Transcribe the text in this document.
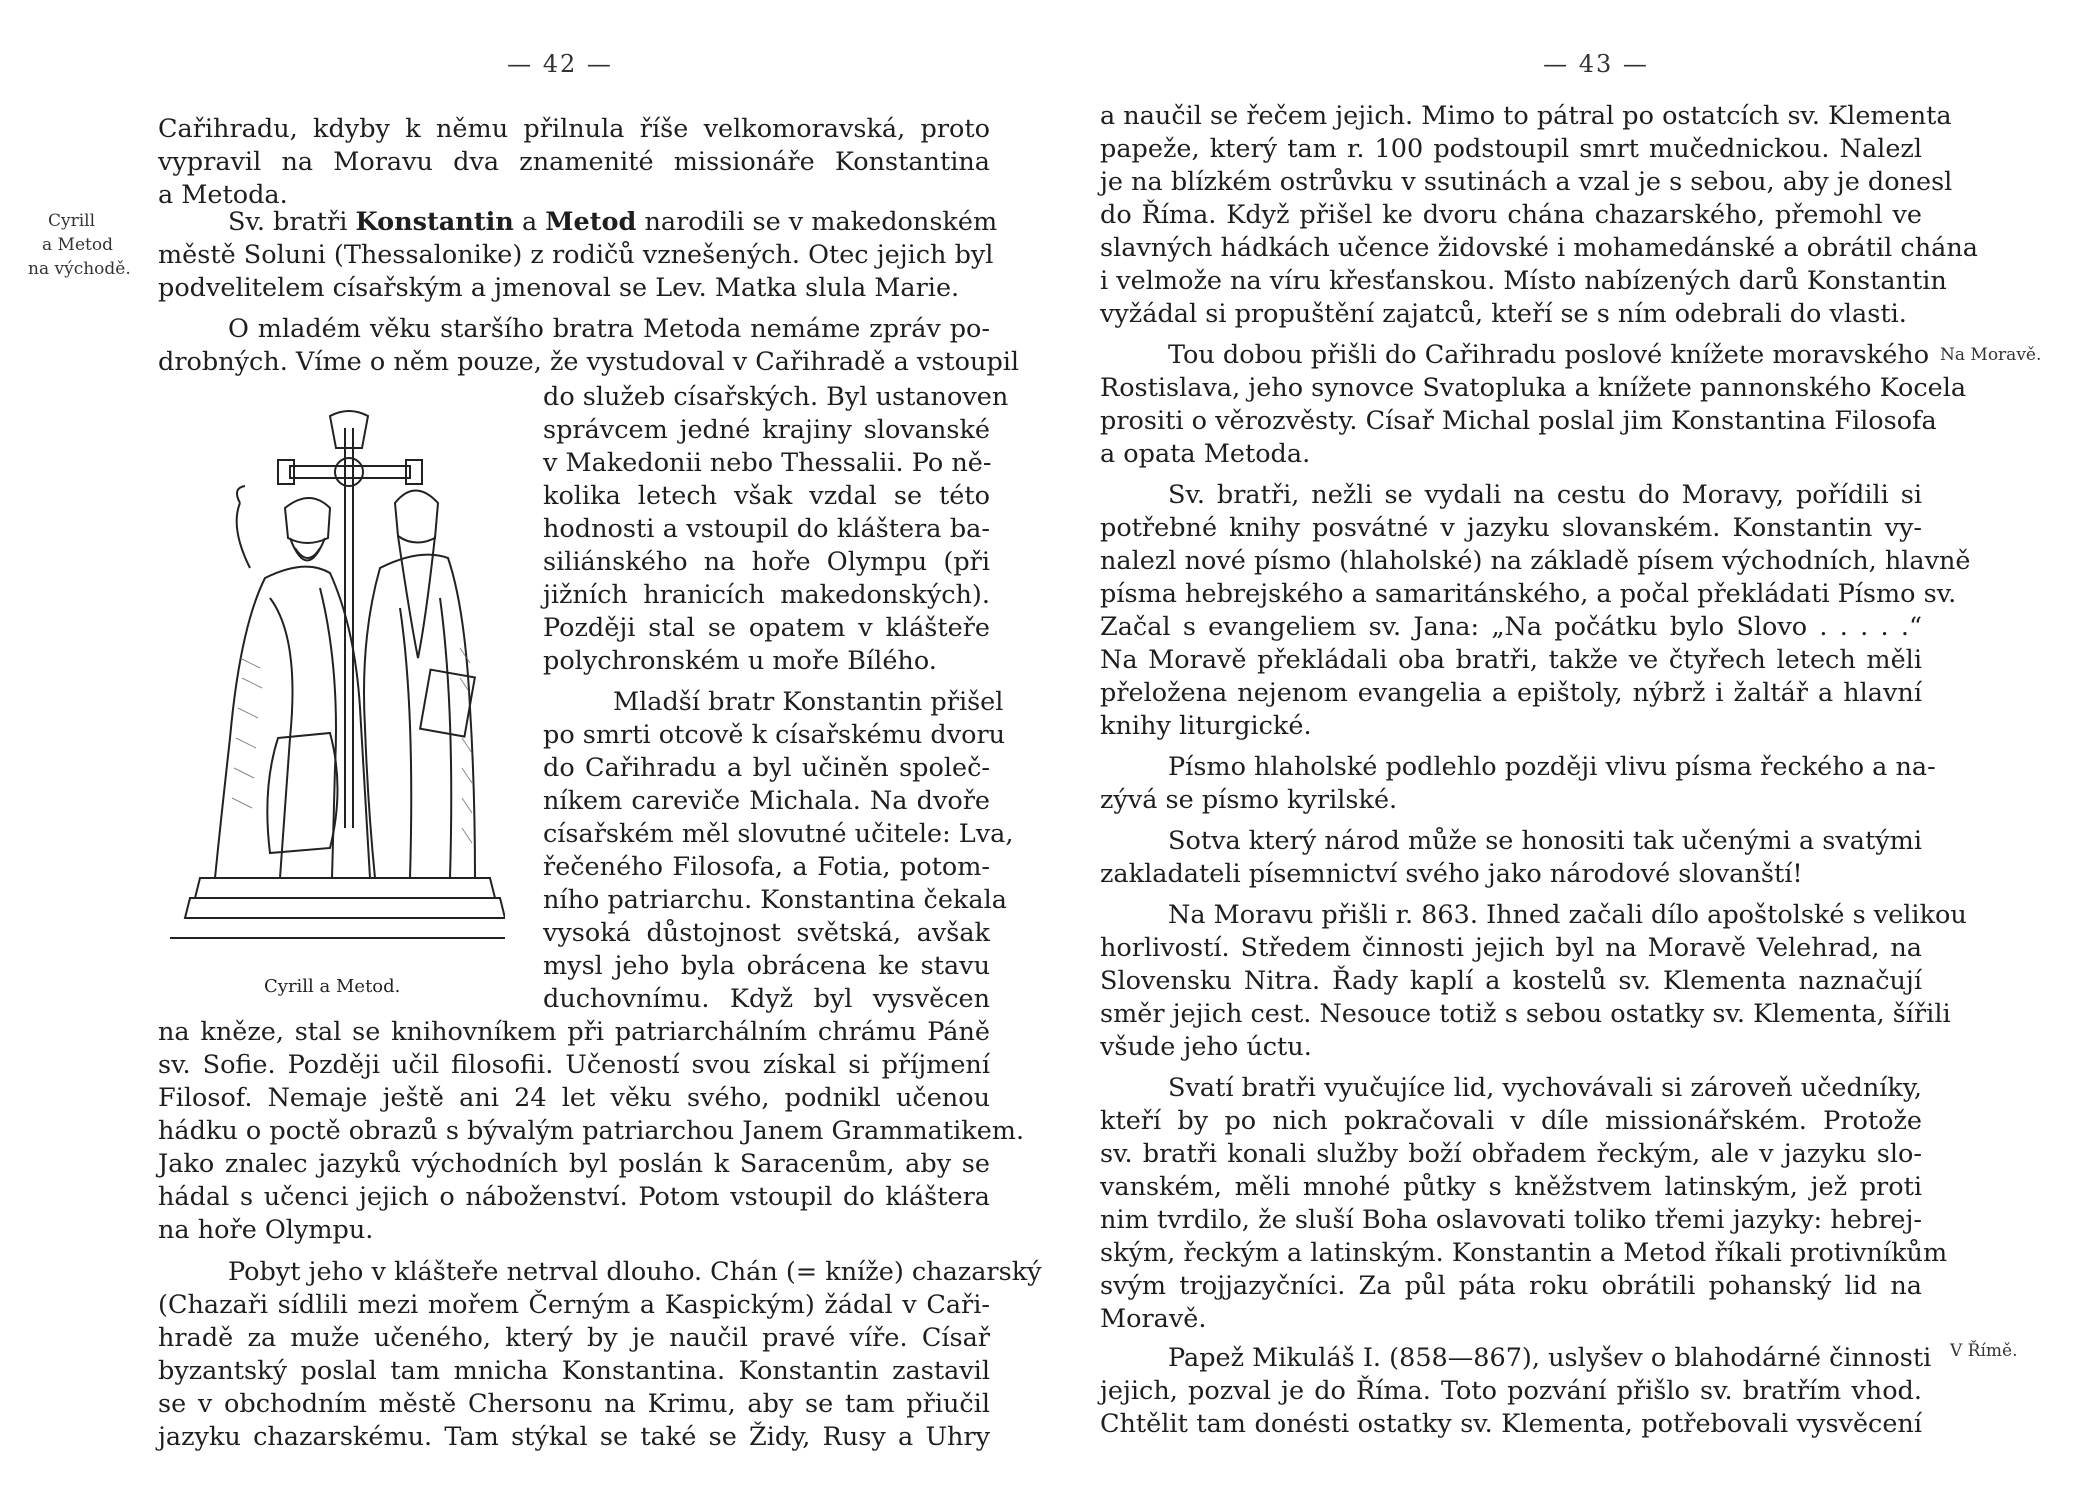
— 42 —
Cyrill
a Metod
na východě.
Cařihradu, kdyby k němu přilnula říše velkomoravská, proto
vypravil na Moravu dva znamenité missionáře Konstantina
a Metoda.
Sv. bratři Konstantin a Metod narodili se v makedonském
městě Soluni (Thessalonike) z rodičů vznešených. Otec jejich byl
podvelitelem císařským a jmenoval se Lev. Matka slula Marie.
O mladém věku staršího bratra Metoda nemáme zpráv po-
drobných. Víme o něm pouze, že vystudoval v Cařihradě a vstoupil
do služeb císařských. Byl ustanoven
správcem jedné krajiny slovanské
v Makedonii nebo Thessalii. Po ně-
kolika letech však vzdal se této
hodnosti a vstoupil do kláštera ba-
siliánského na hoře Olympu (při
jižních hranicích makedonských).
Později stal se opatem v klášteře
polychronském u moře Bílého.
Mladší bratr Konstantin přišel
po smrti otcově k císařskému dvoru
do Cařihradu a byl učiněn společ-
níkem careviče Michala. Na dvoře
císařském měl slovutné učitele: Lva,
řečeného Filosofa, a Fotia, potom-
ního patriarchu. Konstantina čekala
vysoká důstojnost světská, avšak
mysl jeho byla obrácena ke stavu
duchovnímu. Když byl vysvěcen
na kněze, stal se knihovníkem při patriarchálním chrámu Páně
sv. Sofie. Později učil filosofii. Učeností svou získal si příjmení
Filosof. Nemaje ještě ani 24 let věku svého, podnikl učenou
hádku o poctě obrazů s bývalým patriarchou Janem Grammatikem.
Jako znalec jazyků východních byl poslán k Saracenům, aby se
hádal s učenci jejich o náboženství. Potom vstoupil do kláštera
na hoře Olympu.
Pobyt jeho v klášteře netrval dlouho. Chán (= kníže) chazarský
(Chazaři sídlili mezi mořem Černým a Kaspickým) žádal v Caři-
hradě za muže učeného, který by je naučil pravé víře. Císař
byzantský poslal tam mnicha Konstantina. Konstantin zastavil
se v obchodním městě Chersonu na Krimu, aby se tam přiučil
jazyku chazarskému. Tam stýkal se také se Židy, Rusy a Uhry
Cyrill a Metod.
— 43 —
Na Moravě.
V Římě.
a naučil se řečem jejich. Mimo to pátral po ostatcích sv. Klementa
papeže, který tam r. 100 podstoupil smrt mučednickou. Nalezl
je na blízkém ostrůvku v ssutinách a vzal je s sebou, aby je donesl
do Říma. Když přišel ke dvoru chána chazarského, přemohl ve
slavných hádkách učence židovské i mohamedánské a obrátil chána
i velmože na víru křesťanskou. Místo nabízených darů Konstantin
vyžádal si propuštění zajatců, kteří se s ním odebrali do vlasti.
Tou dobou přišli do Cařihradu poslové knížete moravského
Rostislava, jeho synovce Svatopluka a knížete pannonského Kocela
prositi o věrozvěsty. Císař Michal poslal jim Konstantina Filosofa
a opata Metoda.
Sv. bratři, nežli se vydali na cestu do Moravy, pořídili si
potřebné knihy posvátné v jazyku slovanském. Konstantin vy-
nalezl nové písmo (hlaholské) na základě písem východních, hlavně
písma hebrejského a samaritánského, a počal překládati Písmo sv.
Začal s evangeliem sv. Jana: „Na počátku bylo Slovo . . . . .“
Na Moravě překládali oba bratři, takže ve čtyřech letech měli
přeložena nejenom evangelia a epištoly, nýbrž i žaltář a hlavní
knihy liturgické.
Písmo hlaholské podlehlo později vlivu písma řeckého a na-
zývá se písmo kyrilské.
Sotva který národ může se honositi tak učenými a svatými
zakladateli písemnictví svého jako národové slovanští!
Na Moravu přišli r. 863. Ihned začali dílo apoštolské s velikou
horlivostí. Středem činnosti jejich byl na Moravě Velehrad, na
Slovensku Nitra. Řady kaplí a kostelů sv. Klementa naznačují
směr jejich cest. Nesouce totiž s sebou ostatky sv. Klementa, šířili
všude jeho úctu.
Svatí bratři vyučujíce lid, vychovávali si zároveň učedníky,
kteří by po nich pokračovali v díle missionářském. Protože
sv. bratři konali služby boží obřadem řeckým, ale v jazyku slo-
vanském, měli mnohé půtky s kněžstvem latinským, jež proti
nim tvrdilo, že sluší Boha oslavovati toliko třemi jazyky: hebrej-
ským, řeckým a latinským. Konstantin a Metod říkali protivníkům
svým trojjazyčníci. Za půl páta roku obrátili pohanský lid na
Moravě.
Papež Mikuláš I. (858—867), uslyšev o blahodárné činnosti
jejich, pozval je do Říma. Toto pozvání přišlo sv. bratřím vhod.
Chtělit tam donésti ostatky sv. Klementa, potřebovali vysvěcení
